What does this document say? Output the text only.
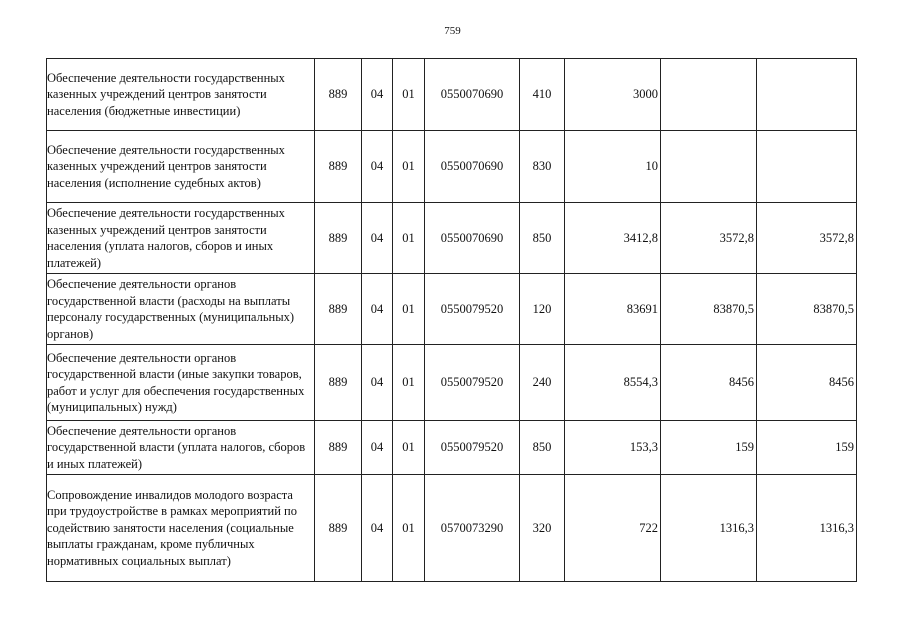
759
Обеспечение деятельности государственных казенных учреждений центров занятости населения (бюджетные инвестиции)	889	04	01	0550070690	410	3000		
Обеспечение деятельности государственных казенных учреждений центров занятости населения (исполнение судебных актов)	889	04	01	0550070690	830	10		
Обеспечение деятельности государственных казенных учреждений центров занятости населения (уплата налогов, сборов и иных платежей)	889	04	01	0550070690	850	3412,8	3572,8	3572,8
Обеспечение деятельности органов государственной власти (расходы на выплаты персоналу государственных (муниципальных) органов)	889	04	01	0550079520	120	83691	83870,5	83870,5
Обеспечение деятельности органов государственной власти (иные закупки товаров, работ и услуг для обеспечения государственных (муниципальных) нужд)	889	04	01	0550079520	240	8554,3	8456	8456
Обеспечение деятельности органов государственной власти (уплата налогов, сборов и иных платежей)	889	04	01	0550079520	850	153,3	159	159
Сопровождение инвалидов молодого возраста при трудоустройстве в рамках мероприятий по содействию занятости населения (социальные выплаты гражданам, кроме публичных нормативных социальных выплат)	889	04	01	0570073290	320	722	1316,3	1316,3
